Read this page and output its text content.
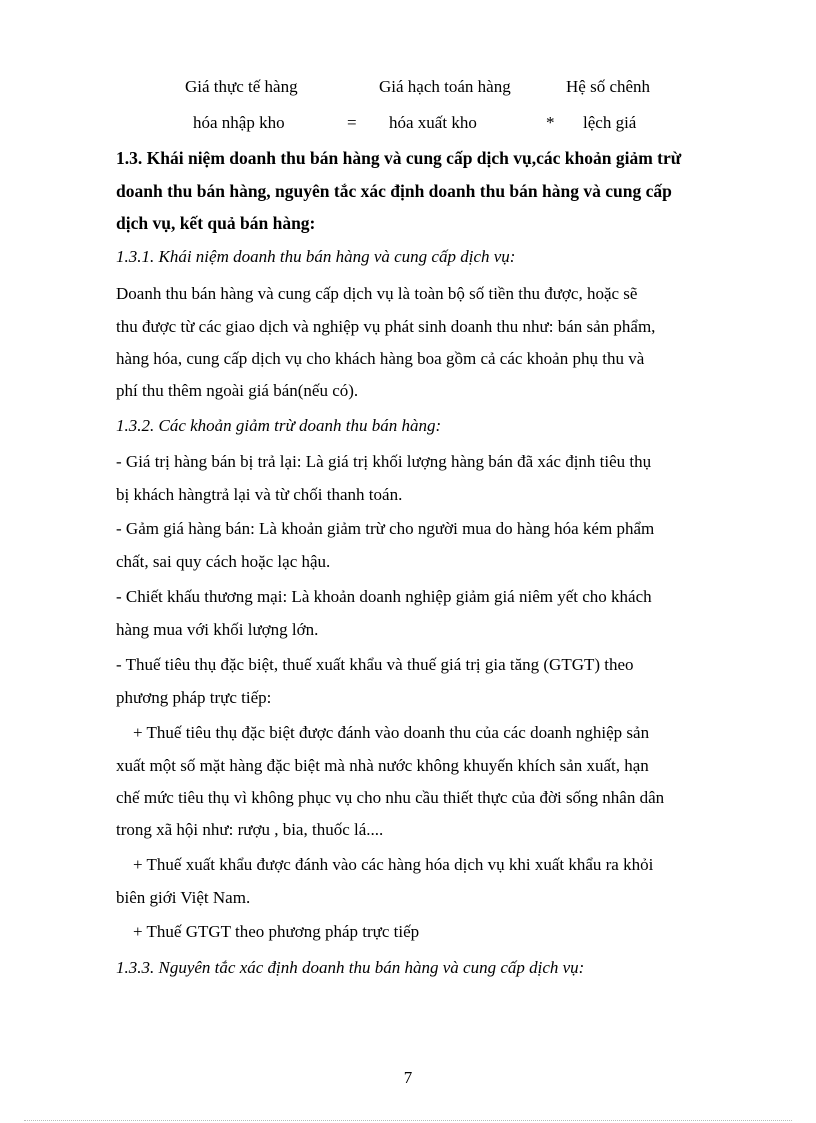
Giá thực tế hàng	Giá hạch toán hàng	Hệ số chênh
hóa nhập kho	= hóa xuất kho	* lệch giá
1.3. Khái niệm doanh thu bán hàng và cung cấp dịch vụ,các khoản giảm trừ
doanh thu bán hàng, nguyên tắc xác định doanh thu bán hàng và cung cấp
dịch vụ, kết quả bán hàng:
1.3.1. Khái niệm doanh thu bán hàng và cung cấp dịch vụ:
Doanh thu bán hàng và cung cấp dịch vụ là toàn bộ số tiền thu được, hoặc sẽ
thu được từ các giao dịch và nghiệp vụ phát sinh doanh thu như: bán sản phẩm,
hàng hóa, cung cấp dịch vụ cho khách hàng boa gồm cả các khoản phụ thu và
phí thu thêm ngoài giá bán(nếu có).
1.3.2. Các khoản giảm trừ doanh thu bán hàng:
- Giá trị hàng bán bị trả lại: Là giá trị khối lượng hàng bán đã xác định tiêu thụ
bị khách hàngtrả lại và từ chối thanh toán.
- Gảm giá hàng bán: Là khoản giảm trừ cho người mua do hàng hóa kém phẩm
chất, sai quy cách hoặc lạc hậu.
- Chiết khấu thương mại: Là khoản doanh nghiệp giảm giá niêm yết cho khách
hàng mua với khối lượng lớn.
- Thuế tiêu thụ đặc biệt, thuế xuất khẩu và thuế giá trị gia tăng (GTGT) theo
phương pháp trực tiếp:
+ Thuế tiêu thụ đặc biệt được đánh vào doanh thu của các doanh nghiệp sản
xuất một số mặt hàng đặc biệt mà nhà nước không khuyến khích sản xuất, hạn
chế mức tiêu thụ vì không phục vụ cho nhu cầu thiết thực của đời sống nhân dân
trong xã hội như: rượu , bia, thuốc lá....
+ Thuế xuất khẩu được đánh vào các hàng hóa dịch vụ khi xuất khẩu ra khỏi
biên giới Việt Nam.
+ Thuế GTGT theo phương pháp trực tiếp
1.3.3. Nguyên tắc xác định doanh thu bán hàng và cung cấp dịch vụ:
7
